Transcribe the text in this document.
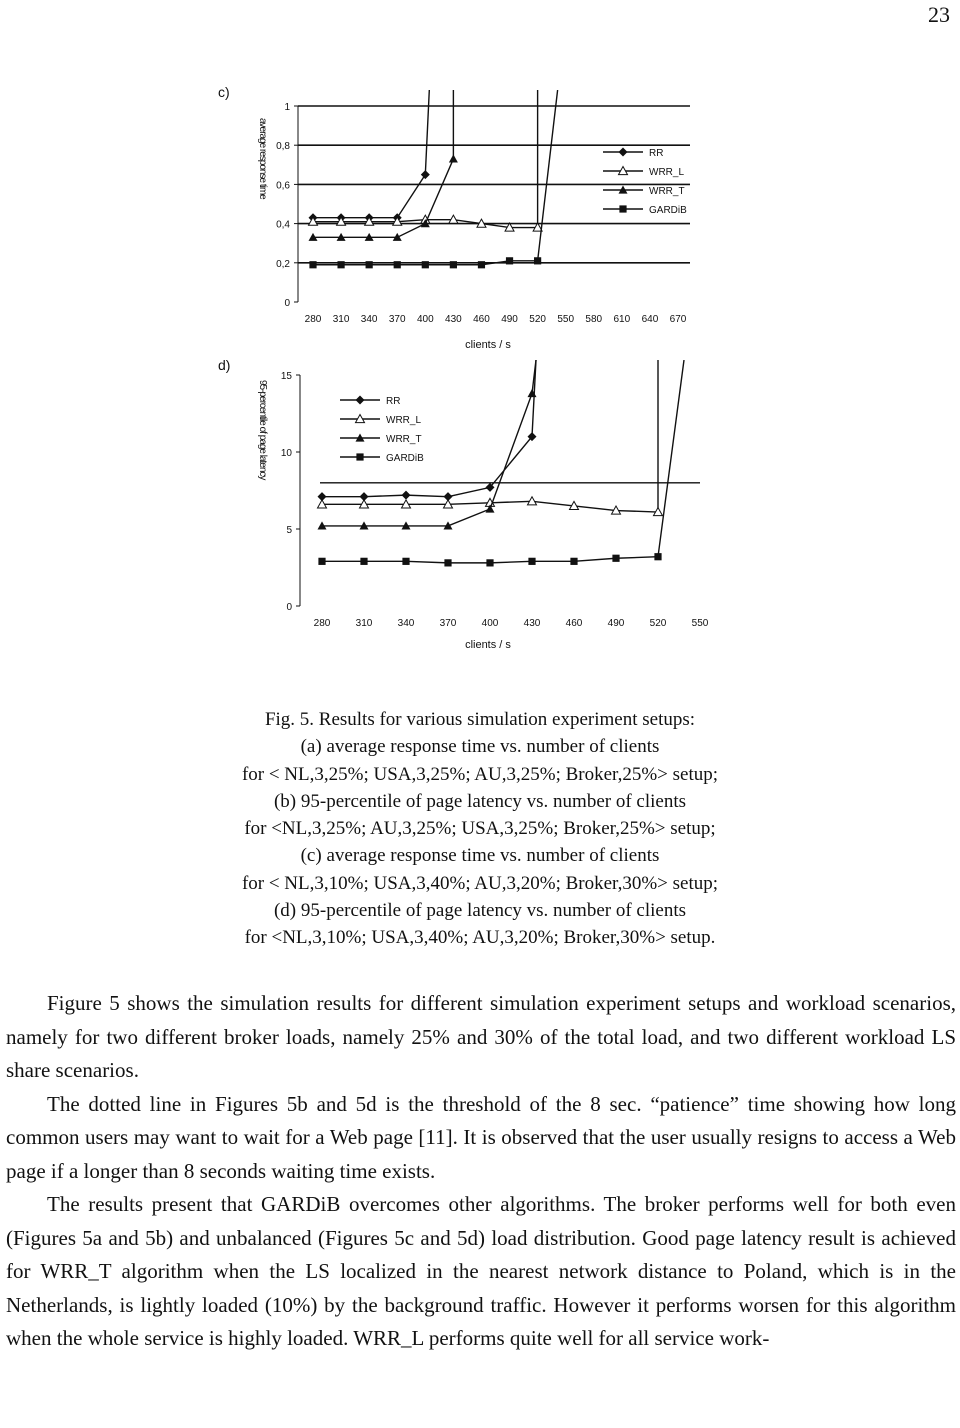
23
c)
average response time
0
0,2
0,4
0,6
0,8
1
280 310 340 370 400 430 460 490 520 550 580 610 640 670
clients / s
RR
WRR_L
WRR_T
GARDiB
d)
95-percentile of page latency
0
5
10
15
280	310	340	370	400	430	460	490	520	550
clients / s
RR
WRR_L
WRR_T
GARDiB
Fig. 5. Results for various simulation experiment setups:
(a) average response time vs. number of clients
for < NL,3,25%; USA,3,25%; AU,3,25%; Broker,25%> setup;
(b) 95-percentile of page latency vs. number of clients
for <NL,3,25%; AU,3,25%; USA,3,25%; Broker,25%> setup;
(c) average response time vs. number of clients
for < NL,3,10%; USA,3,40%; AU,3,20%; Broker,30%> setup;
(d) 95-percentile of page latency vs. number of clients
for <NL,3,10%; USA,3,40%; AU,3,20%; Broker,30%> setup.

Figure 5 shows the simulation results for different simulation experiment setups and workload scenarios, namely for two different broker loads, namely 25% and 30% of the total load, and two different workload LS share scenarios.

The dotted line in Figures 5b and 5d is the threshold of the 8 sec. “patience” time showing how long common users may want to wait for a Web page [11]. It is observed that the user usually resigns to access a Web page if a longer than 8 seconds waiting time exists.

The results present that GARDiB overcomes other algorithms. The broker performs well for both even (Figures 5a and 5b) and unbalanced (Figures 5c and 5d) load distribution. Good page latency result is achieved for WRR_T algorithm when the LS localized in the nearest network distance to Poland, which is in the Netherlands, is lightly loaded (10%) by the background traffic. However it performs worsen for this algorithm when the whole service is highly loaded. WRR_L performs quite well for all service work-
